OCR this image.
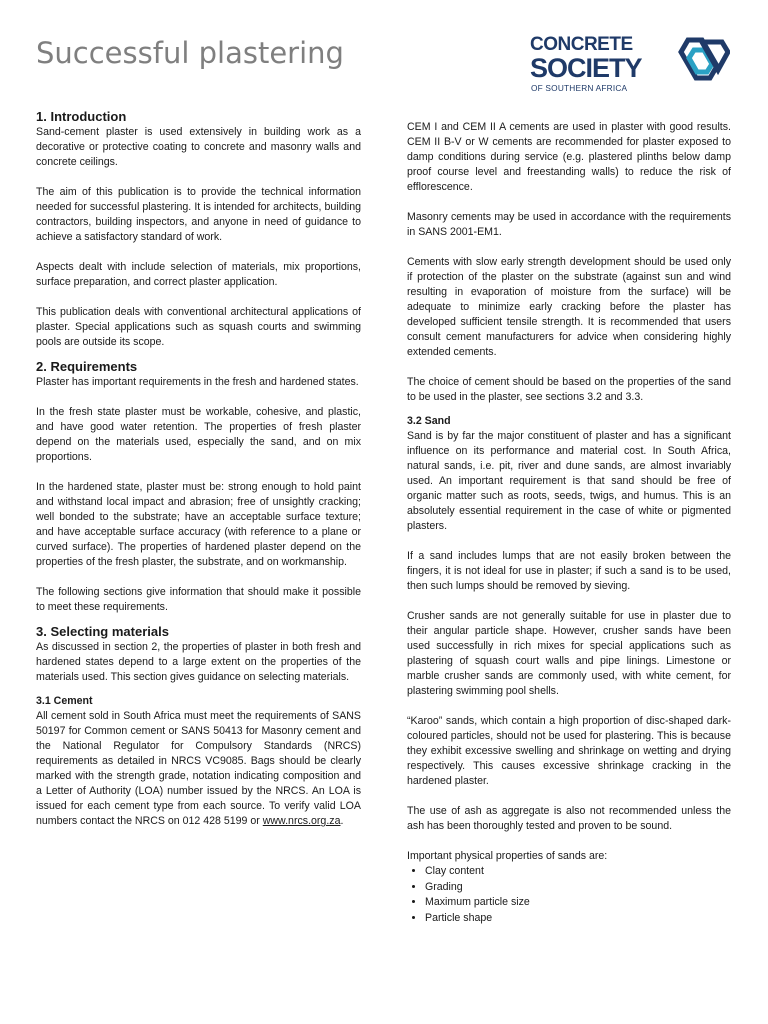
Successful plastering	CONCRETE
SOCIETY
OF SOUTHERN AFRICA
1. Introduction

Sand-cement plaster is used extensively in building work as a decorative or protective coating to concrete and masonry walls and concrete ceilings.

The aim of this publication is to provide the technical information needed for successful plastering. It is intended for architects, building contractors, building inspectors, and anyone in need of guidance to achieve a satisfactory standard of work.

Aspects dealt with include selection of materials, mix proportions, surface preparation, and correct plaster application.

This publication deals with conventional architectural applications of plaster. Special applications such as squash courts and swimming pools are outside its scope.

2. Requirements

Plaster has important requirements in the fresh and hardened states.

In the fresh state plaster must be workable, cohesive, and plastic, and have good water retention. The properties of fresh plaster depend on the materials used, especially the sand, and on mix proportions.

In the hardened state, plaster must be: strong enough to hold paint and withstand local impact and abrasion; free of unsightly cracking; well bonded to the substrate; have an acceptable surface texture; and have acceptable surface accuracy (with reference to a plane or curved surface). The properties of hardened plaster depend on the properties of the fresh plaster, the substrate, and on workmanship.

The following sections give information that should make it possible to meet these requirements.

3. Selecting materials

As discussed in section 2, the properties of plaster in both fresh and hardened states depend to a large extent on the properties of the materials used. This section gives guidance on selecting materials.

3.1 Cement

All cement sold in South Africa must meet the requirements of SANS 50197 for Common cement or SANS 50413 for Masonry cement and the National Regulator for Compulsory Standards (NRCS) requirements as detailed in NRCS VC9085. Bags should be clearly marked with the strength grade, notation indicating composition and a Letter of Authority (LOA) number issued by the NRCS. An LOA is issued for each cement type from each source. To verify valid LOA numbers contact the NRCS on 012 428 5199 or www.nrcs.org.za.

CEM I and CEM II A cements are used in plaster with good results. CEM II B-V or W cements are recommended for plaster exposed to damp conditions during service (e.g. plastered plinths below damp proof course level and freestanding walls) to reduce the risk of efflorescence.

Masonry cements may be used in accordance with the requirements in SANS 2001-EM1.

Cements with slow early strength development should be used only if protection of the plaster on the substrate (against sun and wind resulting in evaporation of moisture from the surface) will be adequate to minimize early cracking before the plaster has developed sufficient tensile strength. It is recommended that users consult cement manufacturers for advice when considering highly extended cements.

The choice of cement should be based on the properties of the sand to be used in the plaster, see sections 3.2 and 3.3.

3.2 Sand

Sand is by far the major constituent of plaster and has a significant influence on its performance and material cost. In South Africa, natural sands, i.e. pit, river and dune sands, are almost invariably used. An important requirement is that sand should be free of organic matter such as roots, seeds, twigs, and humus. This is an absolutely essential requirement in the case of white or pigmented plasters.

If a sand includes lumps that are not easily broken between the fingers, it is not ideal for use in plaster; if such a sand is to be used, then such lumps should be removed by sieving.

Crusher sands are not generally suitable for use in plaster due to their angular particle shape. However, crusher sands have been used successfully in rich mixes for special applications such as plastering of squash court walls and pipe linings. Limestone or marble crusher sands are commonly used, with white cement, for plastering swimming pool shells.

“Karoo” sands, which contain a high proportion of disc-shaped dark-coloured particles, should not be used for plastering. This is because they exhibit excessive swelling and shrinkage on wetting and drying respectively. This causes excessive shrinkage cracking in the hardened plaster.

The use of ash as aggregate is also not recommended unless the ash has been thoroughly tested and proven to be sound.

Important physical properties of sands are:

• Clay content
• Grading
• Maximum particle size
• Particle shape
